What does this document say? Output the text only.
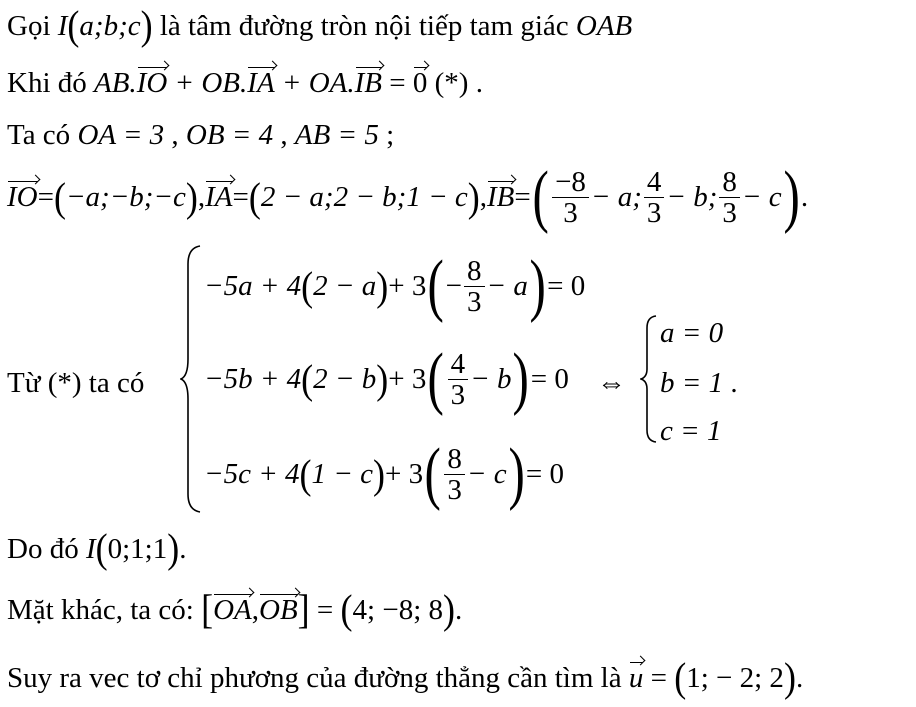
Gọi I(a;b;c) là tâm đường tròn nội tiếp tam giác OAB
Khi đó AB.IO + OB.IA + OA.IB = 0 (*) .
Ta có OA = 3 , OB = 4 , AB = 5 ;
IO = ( −a;−b;−c ) , IA = ( 2 − a;2 − b;1 − c ) , IB = ( $\frac{-8}{3} - a$; $\frac{4}{3} - b$; $\frac{8}{3} - c$ ) .
Từ (*) ta có
−5a + 4 ( 2 − a ) + 3 ( − $\frac{8}{3} - a$ ) = 0
−5b + 4 ( 2 − b ) + 3 ( $\frac{4}{3} - b$ ) = 0
−5c + 4 ( 1 − c ) + 3 ( $\frac{8}{3} - c$ ) = 0
⇔
a = 0
b = 1 .
c = 1
Do đó I(0;1;1).
Mặt khác, ta có: [OA,OB] = (4; −8; 8).
Suy ra vec tơ chỉ phương của đường thẳng cần tìm là u = (1; − 2; 2).
